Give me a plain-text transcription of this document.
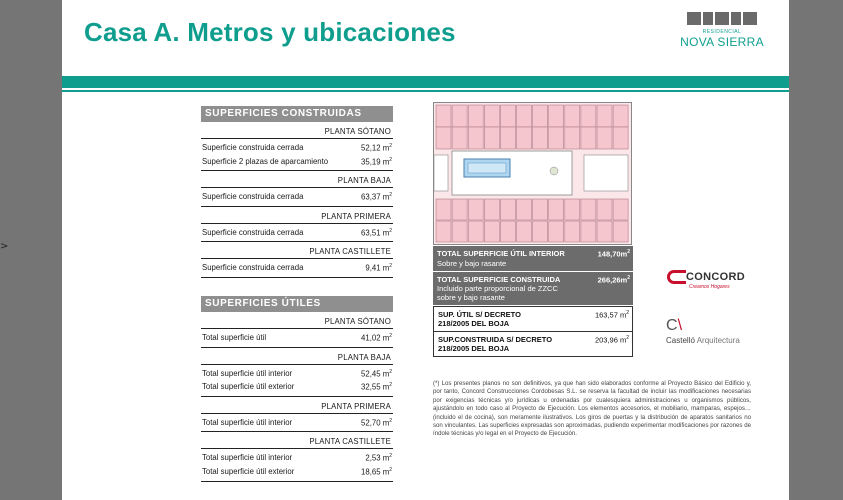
>
Casa A. Metros y ubicaciones	RESIDENCIAL
NOVA SIERRA
SUPERFICIES CONSTRUIDAS
PLANTA SÓTANO
Superficie construida cerrada	52,12 $m^2$
Superficie 2 plazas de aparcamiento	35,19 $m^2$
PLANTA BAJA
Superficie construida cerrada	63,37 $m^2$
PLANTA PRIMERA
Superficie construida cerrada	63,51 $m^2$
PLANTA CASTILLETE
Superficie construida cerrada	9,41 $m^2$
SUPERFICIES ÚTILES
PLANTA SÓTANO
Total superficie útil	41,02 $m^2$
PLANTA BAJA
Total superficie útil interior	52,45 $m^2$
Total superficie útil exterior	32,55 $m^2$
PLANTA PRIMERA
Total superficie útil interior	52,70 $m^2$
PLANTA CASTILLETE
Total superficie útil interior	2,53 $m^2$
Total superficie útil exterior	18,65 $m^2$
TOTAL SUPERFICIE ÚTIL INTERIOR	$148,70m^2$
Sobre y bajo rasante
TOTAL SUPERFICIE CONSTRUIDA	$266,26m^2$
Incluido parte proporcional de ZZCC
sobre y bajo rasante
SUP. ÚTIL S/ DECRETO
218/2005 DEL BOJA
163,57 $m^2$
SUP.CONSTRUIDA S/ DECRETO
218/2005 DEL BOJA
203,96 $m^2$
CONCORD
Creamos Hogares
C\
Castelló Arquitectura
(*) Los presentes planos no son definitivos, ya que han sido elaborados conforme al Proyecto Básico del Edificio y, por tanto, Concord Construcciones Cordobesas S.L. se reserva la facultad de incluir las modificaciones necesarias por exigencias técnicas y/o jurídicas u ordenadas por cualesquiera administraciones u organismos públicos, ajustándolo en todo caso al Proyecto de Ejecución. Los elementos accesorios, el mobiliario, mamparas, espejos… (incluido el de cocina), son meramente ilustrativos. Los giros de puertas y la distribución de aparatos sanitarios no son vinculantes. Las superficies expresadas son aproximadas, pudiendo experimentar modificaciones por razones de índole técnicas y/o legal en el Proyecto de Ejecución.
